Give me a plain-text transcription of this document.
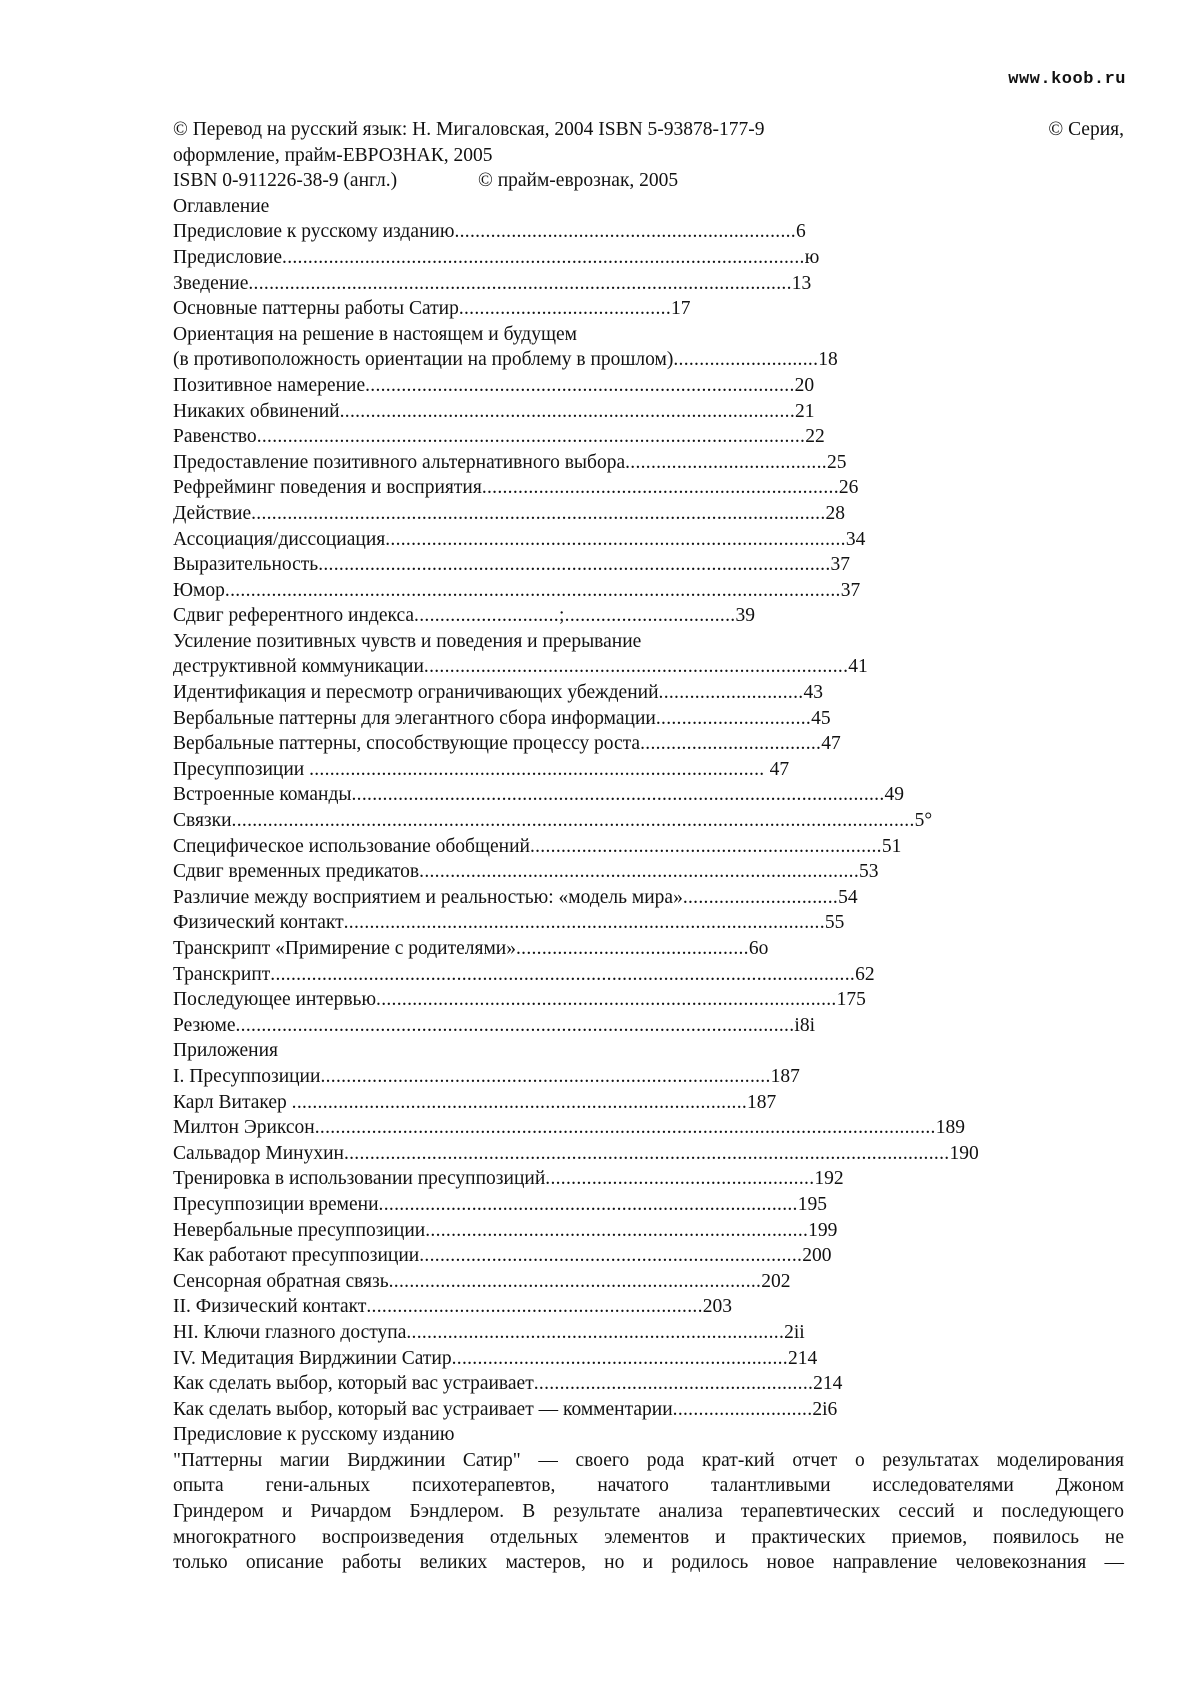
www.koob.ru
© Перевод на русский язык: Н. Мигаловская, 2004 ISBN 5-93878-177-9	© Серия,
оформление, прайм-ЕВРОЗНАК, 2005
ISBN 0-911226-38-9 (англ.)	© прайм-еврознак, 2005
Оглавление
Предисловие к русскому изданию..................................................................6
Предисловие.....................................................................................................ю
Зведение.........................................................................................................13
Основные паттерны работы Сатир.........................................17
Ориентация на решение в настоящем и будущем
(в противоположность ориентации на проблему в прошлом)............................18
Позитивное намерение...................................................................................20
Никаких обвинений........................................................................................21
Равенство..........................................................................................................22
Предоставление позитивного альтернативного выбора.......................................25
Рефрейминг поведения и восприятия.....................................................................26
Действие...............................................................................................................28
Ассоциация/диссоциация.........................................................................................34
Выразительность...................................................................................................37
Юмор.......................................................................................................................37
Сдвиг референтного индекса............................;.................................39
Усиление позитивных чувств и поведения и прерывание
деструктивной коммуникации..................................................................................41
Идентификация и пересмотр ограничивающих убеждений............................43
Вербальные паттерны для элегантного сбора информации..............................45
Вербальные паттерны, способствующие процессу роста...................................47
Пресуппозиции ........................................................................................ 47
Встроенные команды.......................................................................................................49
Связки....................................................................................................................................5°
Специфическое использование обобщений....................................................................51
Сдвиг временных предикатов.....................................................................................53
Различие между восприятием и реальностью: «модель мира»..............................54
Физический контакт.............................................................................................55
Транскрипт «Примирение с родителями».............................................6о
Транскрипт.................................................................................................................62
Последующее интервью.........................................................................................175
Резюме............................................................................................................i8i
Приложения
I. Пресуппозиции.......................................................................................187
Карл Витакер ........................................................................................187
Милтон Эриксон........................................................................................................................189
Сальвадор Минухин.....................................................................................................................190
Тренировка в использовании пресуппозиций....................................................192
Пресуппозиции времени.................................................................................195
Невербальные пресуппозиции..........................................................................199
Как работают пресуппозиции..........................................................................200
Сенсорная обратная связь........................................................................202
II. Физический контакт.................................................................203
HI. Ключи глазного доступа.........................................................................2ii
IV. Медитация Вирджинии Сатир.................................................................214
Как сделать выбор, который вас устраивает......................................................214
Как сделать выбор, который вас устраивает — комментарии...........................2i6
Предисловие к русскому изданию
"Паттерны магии Вирджинии Сатир" — своего рода крат-кий отчет о результатах моделирования
опыта гени-альных психотерапевтов, начатого талантливыми исследователями Джоном
Гриндером и Ричардом Бэндлером. В результате анализа терапевтических сессий и последующего
многократного воспроизведения отдельных элементов и практических приемов, появилось не
только описание работы великих мастеров, но и родилось новое направление человекознания —
